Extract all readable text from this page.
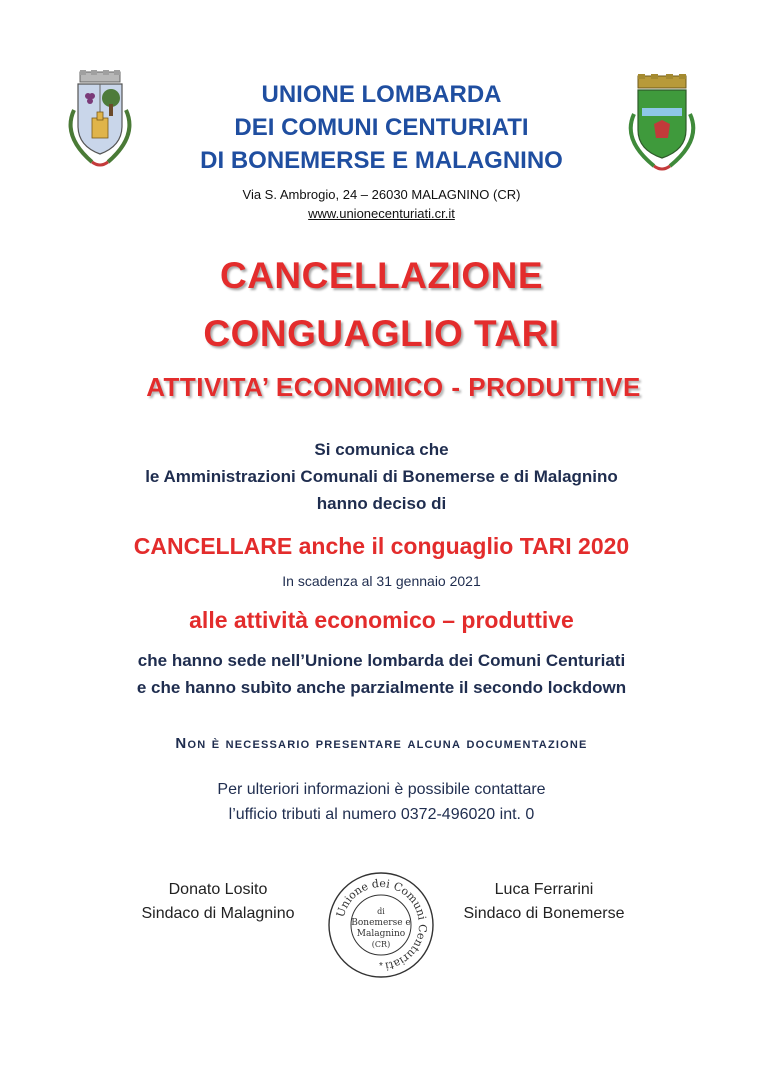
UNIONE LOMBARDA
DEI COMUNI CENTURIATI
DI BONEMERSE E MALAGNINO
Via S. Ambrogio, 24 – 26030 MALAGNINO (CR)
www.unionecenturiati.cr.it
CANCELLAZIONE
CONGUAGLIO TARI
ATTIVITA’ ECONOMICO - PRODUTTIVE
Si comunica che
le Amministrazioni Comunali di Bonemerse e di Malagnino
hanno deciso di
CANCELLARE anche il conguaglio TARI 2020
In scadenza al 31 gennaio 2021
alle attività economico – produttive
che hanno sede nell’Unione lombarda dei Comuni Centuriati
e che hanno subìto anche parzialmente il secondo lockdown
Non è necessario presentare alcuna documentazione
Per ulteriori informazioni è possibile contattare
l’ufficio tributi al numero 0372-496020 int. 0
Donato Losito
Sindaco di Malagnino
Luca Ferrarini
Sindaco di Bonemerse
Unione dei Comuni Centuriati
di
Bonemerse e
Malagnino
(CR)
*
